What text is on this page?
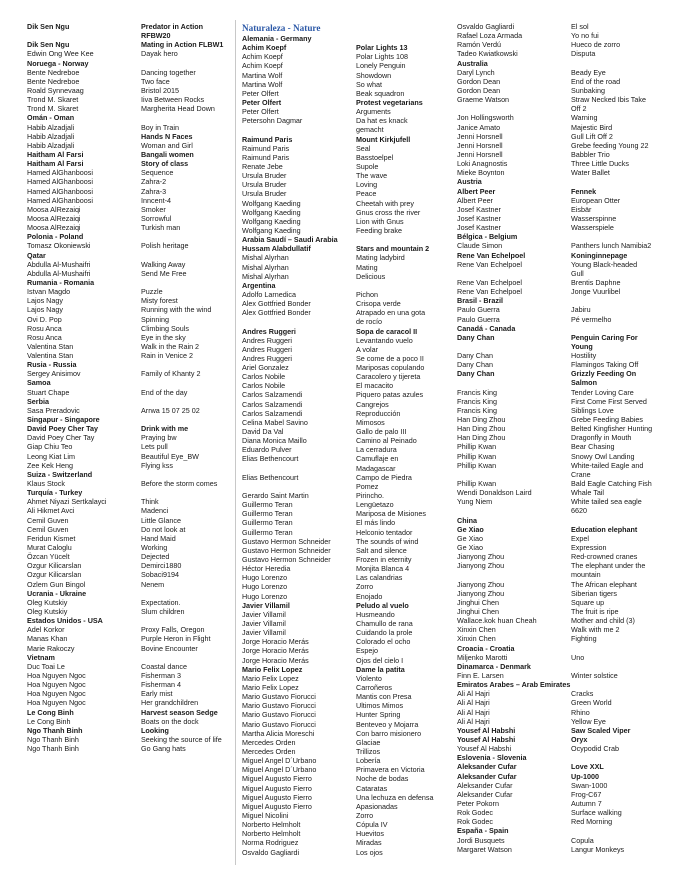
Dik Sen Ngu	Predator in Action
RFBW20
Dik Sen Ngu	Mating in Action FLBW1
Edwin Ong Wee Kee	Dayak hero
Noruega - Norway
Bente Nedreboe	Dancing together
Bente Nedreboe	Two face
Roald Synnevaag	Bristol 2015
Trond M. Skaret	Iiva Between Rocks
Trond M. Skaret	Margherita Head Down
Omán - Oman
Habib Alzadjali	Boy in Train
Habib Alzadjali	Hands N Faces
Habib Alzadjali	Woman and Girl
Haitham Al Farsi	Bangali women
Haitham Al Farsi	Story of class
Hamed AlGhanboosi	Sequence
Hamed AlGhanboosi	Zahra-2
Hamed AlGhanboosi	Zahra-3
Hamed AlGhanboosi	Inncent-4
Moosa AlRezaiqi	Smoker
Moosa AlRezaiqi	Sorrowful
Moosa AlRezaiqi	Turkish man
Polonia - Poland
Tomasz Okoniewski	Polish heritage
Qatar
Abdulla Al-Mushaifri	Walking Away
Abdulla Al-Mushaifri	Send Me Free
Rumania - Romania
Istvan Magdo	Puzzle
Lajos Nagy	Misty forest
Lajos Nagy	Running with the wind
Ovi D. Pop	Spinning
Rosu Anca	Climbing Souls
Rosu Anca	Eye in the sky
Valentina Stan	Walk in the Rain 2
Valentina Stan	Rain in Venice 2
Rusia - Russia
Sergey Anisimov	Family of Khanty 2
Samoa
Stuart Chape	End of the day
Serbia
Sasa Preradovic	Arrwa 15 07 25 02
Singapur - Singapore
David Poey Cher Tay	Drink with me
David Poey Cher Tay	Praying bw
Giap Chiu Teo	Lets pull
Leong Kiat Lim	Beautiful Eye_BW
Zee Kek Heng	Flying kss
Suiza - Switzerland
Klaus Stock	Before the storm comes
Turquía - Turkey
Ahmet Niyazi Sertkalayci	Think
Ali Hikmet Avci	Madenci
Cemil Guven	Little Glance
Cemil Guven	Do not look at
Feridun Kismet	Hand Maid
Murat Caloglu	Working
Özcan Yücelt	Dejected
Ozgur Kilicarslan	Demirci1880
Ozgur Kilicarslan	Sobaci9194
Ozlem Gun Bingol	Nenem
Ucrania - Ukraine
Oleg Kutskiy	Expectation.
Oleg Kutskiy	Slum children
Estados Unidos - USA
Adel Korkor	Proxy Falls, Oregon
Manas Khan	Purple Heron in Flight
Marie Rakoczy	Bovine Encounter
Vietnam
Duc Toai Le	Coastal dance
Hoa Nguyen Ngoc	Fisherman 3
Hoa Nguyen Ngoc	Fisherman 4
Hoa Nguyen Ngoc	Early mist
Hoa Nguyen Ngoc	Her grandchildren
Le Cong Binh	Harvest season Sedge
Le Cong Binh	Boats on the dock
Ngo Thanh Binh	Looking
Ngo Thanh Binh	Seeking the source of life
Ngo Thanh Binh	Go Gang hats
Naturaleza - Nature
Alemania - Germany
Achim Koepf	Polar Lights 13
Achim Koepf	Polar Lights 108
Achim Koepf	Lonely Penguin
Martina Wolf	Showdown
Martina Wolf	So what
Peter Olfert	Beak squadron
Peter Olfert	Protest vegetarians
Peter Olfert	Arguments
Petersohn Dagmar	Da hat es knack
gemacht
Raimund Paris	Mount Kirkjufell
Raimund Paris	Seal
Raimund Paris	Basstoelpel
Renate Jebe	Supole
Ursula Bruder	The wave
Ursula Bruder	Loving
Ursula Bruder	Peace
Wolfgang Kaeding	Cheetah with prey
Wolfgang Kaeding	Gnus cross the river
Wolfgang Kaeding	Lion with Gnus
Wolfgang Kaeding	Feeding brake
Arabia Saudí – Saudi Arabia
Hussam Alabdullatif	Stars and mountain 2
Mishal Alyrhan	Mating ladybird
Mishal Alyrhan	Mating
Mishal Alyrhan	Delicious
Argentina
Adolfo Larnedica	Pichon
Alex Gottfried Bonder	Crisopa verde
Alex Gottfried Bonder	Atrapado en una gota
de rocío
Andres Ruggeri	Sopa de caracol II
Andres Ruggeri	Levantando vuelo
Andres Ruggeri	A volar
Andres Ruggeri	Se come de a poco II
Ariel Gonzalez	Mariposas copulando
Carlos Nobile	Caracolero y tijereta
Carlos Nobile	El macacito
Carlos Salzamendi	Piquero patas azules
Carlos Salzamendi	Cangrejos
Carlos Salzamendi	Reproducción
Celina Mabel Savino	Mimosos
David Da Val	Gallo de palo III
Diana Monica Maillo	Camino al Peinado
Eduardo Pulver	La cerradura
Elias Bethencourt	Camuflaje en
Madagascar
Elias Bethencourt	Campo de Piedra
Pomez
Gerardo Saint Martin	Pirincho.
Guillermo Teran	Lengüetazo
Guillermo Teran	Mariposa de Misiones
Guillermo Teran	El más lindo
Guillermo Teran	Helconio tentador
Gustavo Hermon Schneider	The sounds of wind
Gustavo Hermon Schneider	Salt and silence
Gustavo Hermon Schneider	Frozen in eternity
Héctor Heredia	Monjita Blanca 4
Hugo Lorenzo	Las calandrias
Hugo Lorenzo	Zorro
Hugo Lorenzo	Enojado
Javier Villamil	Peludo al vuelo
Javier Villamil	Husmeando
Javier Villamil	Chamullo de rana
Javier Villamil	Cuidando la prole
Jorge Horacio Merás	Colorado el ocho
Jorge Horacio Merás	Espejo
Jorge Horacio Merás	Ojos del cielo I
Mario Felix Lopez	Dame la patita
Mario Felix Lopez	Violento
Mario Felix Lopez	Carroñeros
Mario Gustavo Fiorucci	Mantis con Presa
Mario Gustavo Fiorucci	Ultimos Mimos
Mario Gustavo Fiorucci	Hunter Spring
Mario Gustavo Fiorucci	Benteveo y Mojarra
Martha Alicia Moreschi	Con barro misionero
Mercedes Orden	Glaciae
Mercedes Orden	Trillizos
Miguel Angel D´Urbano	Lobería
Miguel Angel D´Urbano	Primavera en Victoria
Miguel Augusto Fierro	Noche de bodas
Miguel Augusto Fierro	Cataratas
Miguel Augusto Fierro	Una lechuza en defensa
Miguel Augusto Fierro	Apasionadas
Miguel Nicolini	Zorro
Norberto Helmholt	Cópula IV
Norberto Helmholt	Huevitos
Norma Rodriguez	Miradas
Osvaldo Gagliardi	Los ojos
Osvaldo Gagliardi	El sol
Rafael Loza Armada	Yo no fui
Ramón Verdú	Hueco de zorro
Tadeo Kwiatkowski	Disputa
Australia
Daryl Lynch	Beady Eye
Gordon Dean	End of the road
Gordon Dean	Sunbaking
Graeme Watson	Straw Necked Ibis Take
Off 2
Jon Hollingsworth	Warning
Janice Amato	Majestic Bird
Jenni Horsnell	Gull Lift Off 2
Jenni Horsnell	Grebe feeding Young 22
Jenni Horsnell	Babbler Trio
Loki Anagnostis	Three Little Ducks
Mieke Boynton	Water Ballet
Austria
Albert Peer	Fennek
Albert Peer	European Otter
Josef Kastner	Eisbär
Josef Kastner	Wasserspinne
Josef Kastner	Wasserspiele
Bélgica - Belgium
Claude Simon	Panthers lunch Namibia2
Rene Van Echelpoel	Koninginnepage
Rene Van Echelpoel	Young Black-headed
Gull
Rene Van Echelpoel	Brentis Daphne
Rene Van Echelpoel	Jonge Vuurlibel
Brasil - Brazil
Paulo Guerra	Jabiru
Paulo Guerra	Pé vermelho
Canadá - Canada
Dany Chan	Penguin Caring For
Young
Dany Chan	Hostility
Dany Chan	Flamingos Taking Off
Dany Chan	Grizzly Feeding On
Salmon
Francis King	Tender Loving Care
Francis King	First Come First Served
Francis King	Siblings Love
Han Ding Zhou	Grebe Feeding Babies
Han Ding Zhou	Belted Kingfisher Hunting
Han Ding Zhou	Dragonfly in Mouth
Phillip Kwan	Bear Chasing
Phillip Kwan	Snowy Owl Landing
Phillip Kwan	White-tailed Eagle and
Crane
Phillip Kwan	Bald Eagle Catching Fish
Wendi Donaldson Laird	Whale Tail
Yung Niem	White tailed sea eagle
6620
China
Ge Xiao	Education elephant
Ge Xiao	Expel
Ge Xiao	Expression
Jianyong Zhou	Red-crowned cranes
Jianyong Zhou	The elephant under the
mountain
Jianyong Zhou	The African elephant
Jianyong Zhou	Siberian tigers
Jinghui Chen	Square up
Jinghui Chen	The fruit is ripe
Wallace.kok huan Cheah	Mother and child (3)
Xinxin Chen	Walk with me 2
Xinxin Chen	Fighting
Croacia - Croatia
Miljenko Marotti	Uno
Dinamarca - Denmark
Finn E. Larsen	Winter solstice
Emiratos Arabes – Arab Emirates
Ali Al Hajri	Cracks
Ali Al Hajri	Green World
Ali Al Hajri	Rhino
Ali Al Hajri	Yellow Eye
Yousef Al Habshi	Saw Scaled Viper
Yousef Al Habshi	Oryx
Yousef Al Habshi	Ocypodid Crab
Eslovenia - Slovenia
Aleksander Cufar	Love XXL
Aleksander Cufar	Up-1000
Aleksander Cufar	Swan-1000
Aleksander Cufar	Frog-C67
Peter Pokorn	Autumn 7
Rok Godec	Surface walking
Rok Godec	Red Morning
España - Spain
Jordi Busquets	Copula
Margaret Watson	Langur Monkeys
